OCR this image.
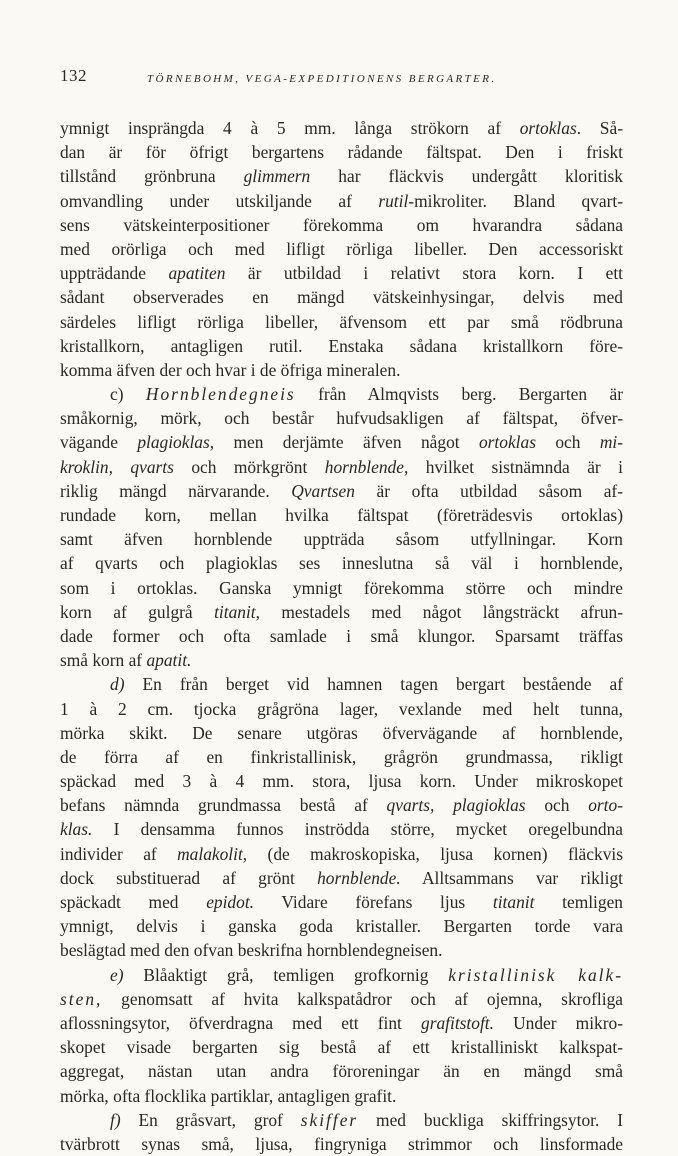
132	TÖRNEBOHM, VEGA-EXPEDITIONENS BERGARTER.
ymnigt insprängda 4 à 5 mm. långa strökorn af ortoklas. Så-
dan är för öfrigt bergartens rådande fältspat. Den i friskt
tillstånd grönbruna glimmern har fläckvis undergått kloritisk
omvandling under utskiljande af rutil-mikroliter. Bland qvart-
sens vätskeinterpositioner förekomma om hvarandra sådana
med orörliga och med lifligt rörliga libeller. Den accessoriskt
uppträdande apatiten är utbildad i relativt stora korn. I ett
sådant observerades en mängd vätskeinhysingar, delvis med
särdeles lifligt rörliga libeller, äfvensom ett par små rödbruna
kristallkorn, antagligen rutil. Enstaka sådana kristallkorn före-
komma äfven der och hvar i de öfriga mineralen.
c) Hornblendegneis från Almqvists berg. Bergarten är
småkornig, mörk, och består hufvudsakligen af fältspat, öfver-
vägande plagioklas, men derjämte äfven något ortoklas och mi-
kroklin, qvarts och mörkgrönt hornblende, hvilket sistnämnda är i
riklig mängd närvarande. Qvartsen är ofta utbildad såsom af-
rundade korn, mellan hvilka fältspat (företrädesvis ortoklas)
samt äfven hornblende uppträda såsom utfyllningar. Korn
af qvarts och plagioklas ses inneslutna så väl i hornblende,
som i ortoklas. Ganska ymnigt förekomma större och mindre
korn af gulgrå titanit, mestadels med något långsträckt afrun-
dade former och ofta samlade i små klungor. Sparsamt träffas
små korn af apatit.
d) En från berget vid hamnen tagen bergart bestående af
1 à 2 cm. tjocka grågröna lager, vexlande med helt tunna,
mörka skikt. De senare utgöras öfvervägande af hornblende,
de förra af en finkristallinisk, grågrön grundmassa, rikligt
späckad med 3 à 4 mm. stora, ljusa korn. Under mikroskopet
befans nämnda grundmassa bestå af qvarts, plagioklas och orto-
klas. I densamma funnos inströdda större, mycket oregelbundna
individer af malakolit, (de makroskopiska, ljusa kornen) fläckvis
dock substituerad af grönt hornblende. Alltsammans var rikligt
späckadt med epidot. Vidare förefans ljus titanit temligen
ymnigt, delvis i ganska goda kristaller. Bergarten torde vara
beslägtad med den ofvan beskrifna hornblendegneisen.
e) Blåaktigt grå, temligen grofkornig kristallinisk kalk-
sten, genomsatt af hvita kalkspatådror och af ojemna, skrofliga
aflossningsytor, öfverdragna med ett fint grafitstoft. Under mikro-
skopet visade bergarten sig bestå af ett kristalliniskt kalkspat-
aggregat, nästan utan andra föroreningar än en mängd små
mörka, ofta flocklika partiklar, antagligen grafit.
f) En gråsvart, grof skiffer med buckliga skiffringsytor. I
tvärbrott synas små, ljusa, fingryniga strimmor och linsformade
